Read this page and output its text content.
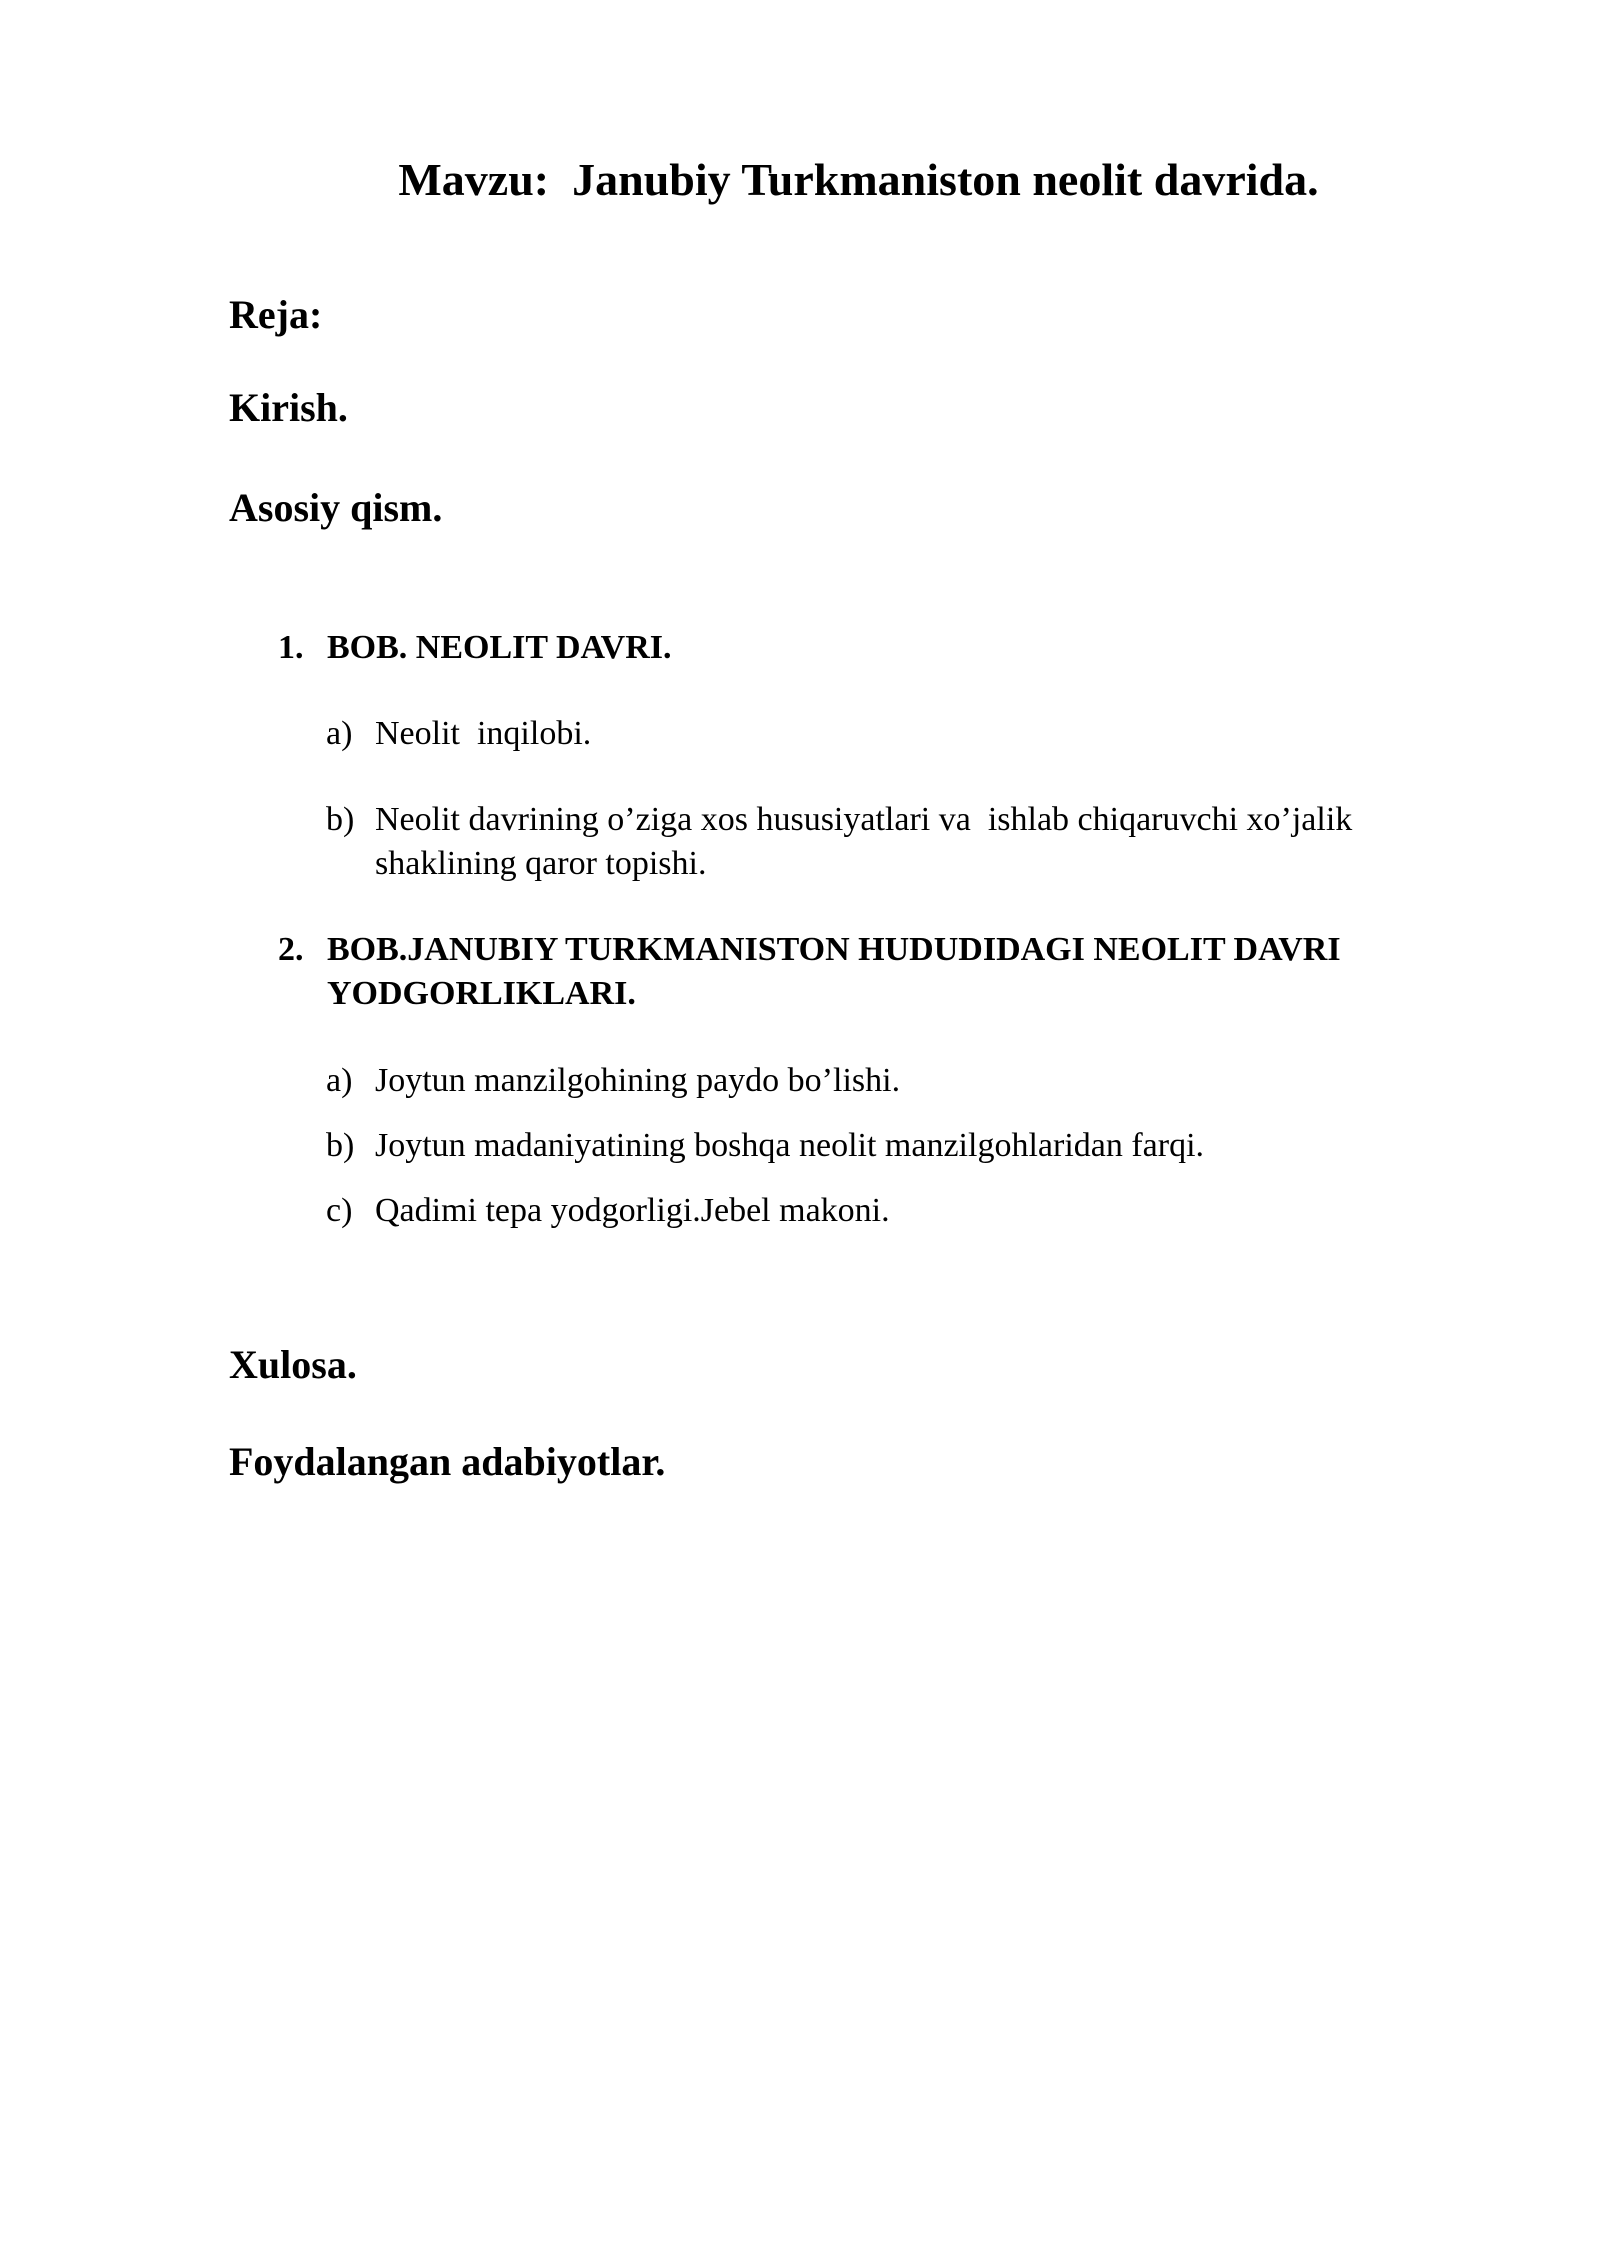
Mavzu:  Janubiy Turkmaniston neolit davrida.
Reja:
Kirish.
Asosiy qism.
1. BOB. NEOLIT DAVRI.
a) Neolit  inqilobi.
b) Neolit davrining o’ziga xos hususiyatlari va  ishlab chiqaruvchi xo’jalik shaklining qaror topishi.
2. BOB.JANUBIY TURKMANISTON HUDUDIDAGI NEOLIT DAVRI YODGORLIKLARI.
a) Joytun manzilgohining paydo bo’lishi.
b) Joytun madaniyatining boshqa neolit manzilgohlaridan farqi.
c) Qadimi tepa yodgorligi.Jebel makoni.
Xulosa.
Foydalangan adabiyotlar.
